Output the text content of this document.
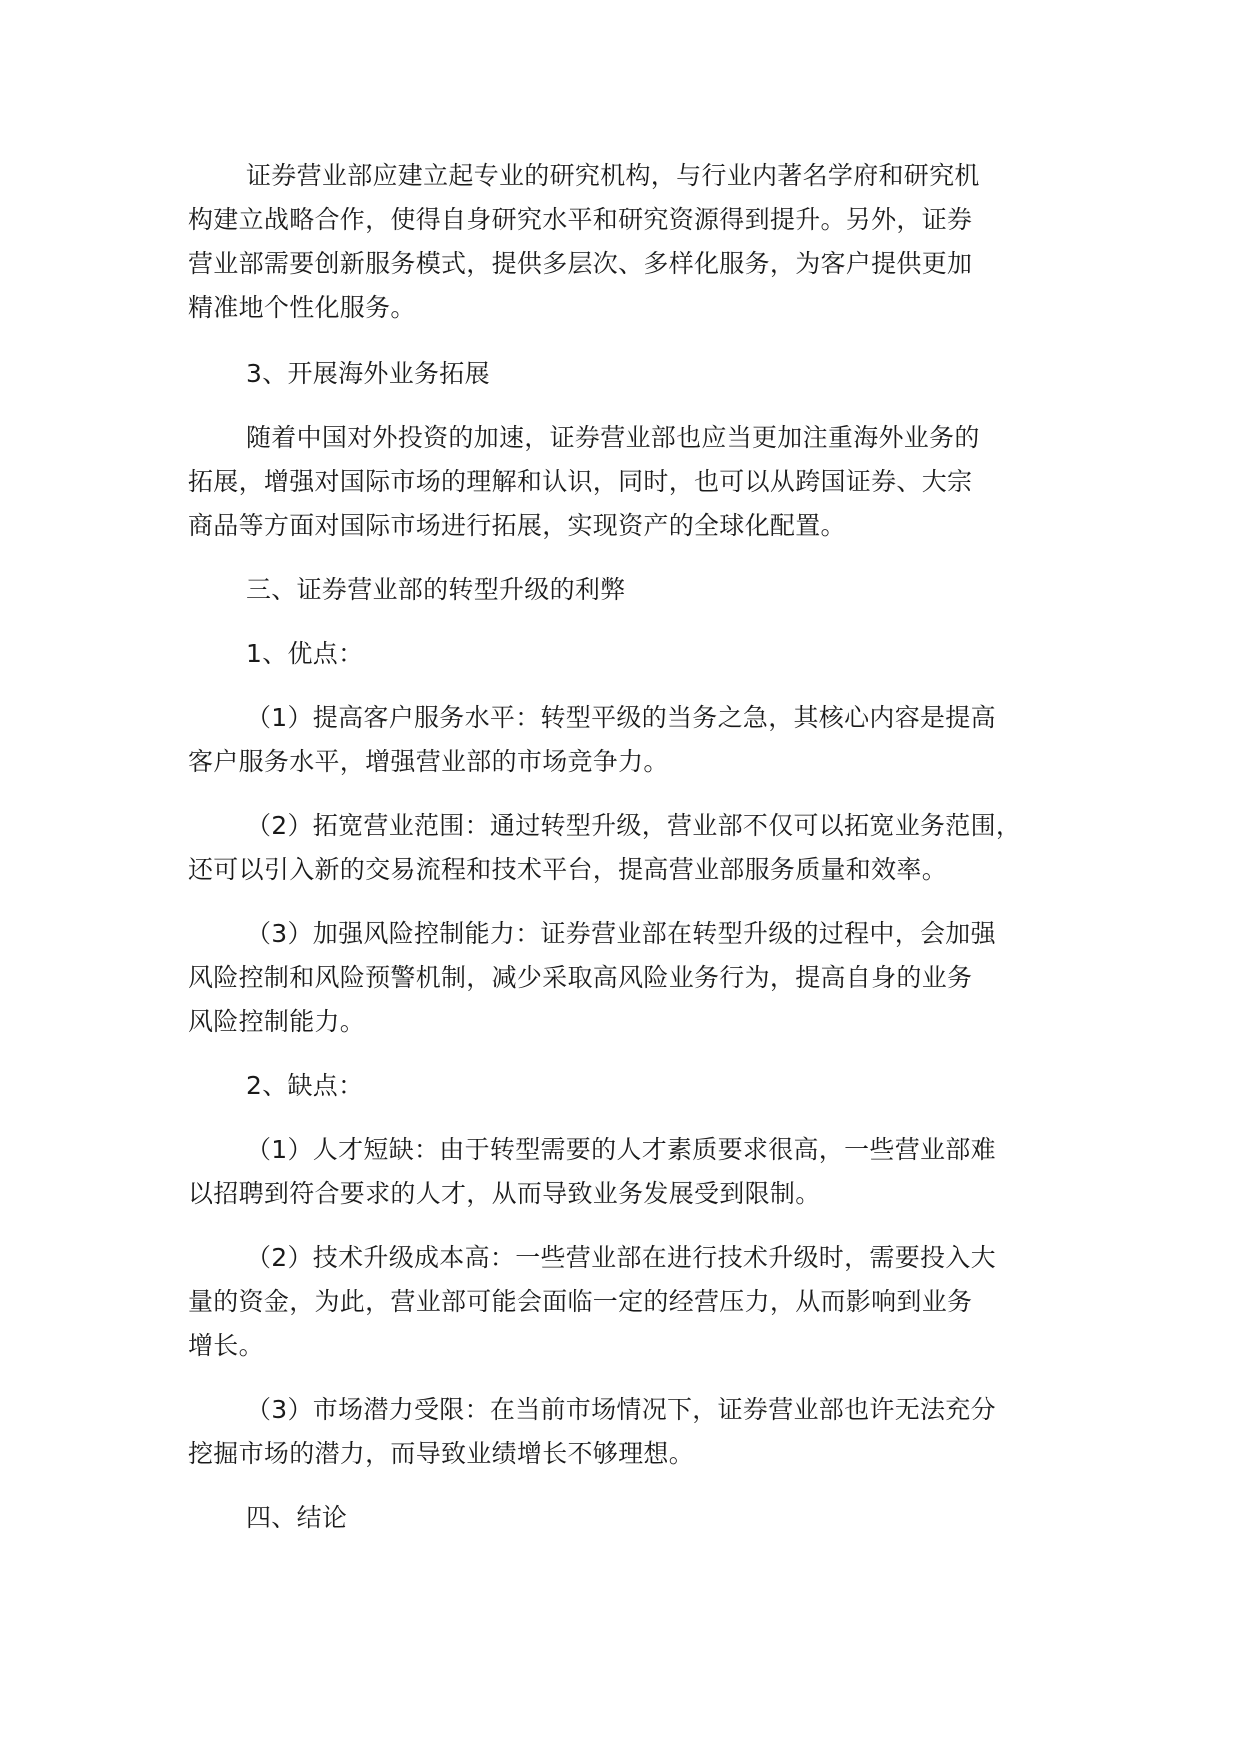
证券营业部应建立起专业的研究机构，与行业内著名学府和研究机
构建立战略合作，使得自身研究水平和研究资源得到提升。另外，证券
营业部需要创新服务模式，提供多层次、多样化服务，为客户提供更加
精准地个性化服务。

3、开展海外业务拓展

随着中国对外投资的加速，证券营业部也应当更加注重海外业务的
拓展，增强对国际市场的理解和认识，同时，也可以从跨国证券、大宗
商品等方面对国际市场进行拓展，实现资产的全球化配置。

三、证券营业部的转型升级的利弊

1、优点：

（1）提高客户服务水平：转型平级的当务之急，其核心内容是提高
客户服务水平，增强营业部的市场竞争力。

（2）拓宽营业范围：通过转型升级，营业部不仅可以拓宽业务范围，
还可以引入新的交易流程和技术平台，提高营业部服务质量和效率。

（3）加强风险控制能力：证券营业部在转型升级的过程中，会加强
风险控制和风险预警机制，减少采取高风险业务行为，提高自身的业务
风险控制能力。

2、缺点：

（1）人才短缺：由于转型需要的人才素质要求很高，一些营业部难
以招聘到符合要求的人才，从而导致业务发展受到限制。

（2）技术升级成本高：一些营业部在进行技术升级时，需要投入大
量的资金，为此，营业部可能会面临一定的经营压力，从而影响到业务
增长。

（3）市场潜力受限：在当前市场情况下，证券营业部也许无法充分
挖掘市场的潜力，而导致业绩增长不够理想。

四、结论
